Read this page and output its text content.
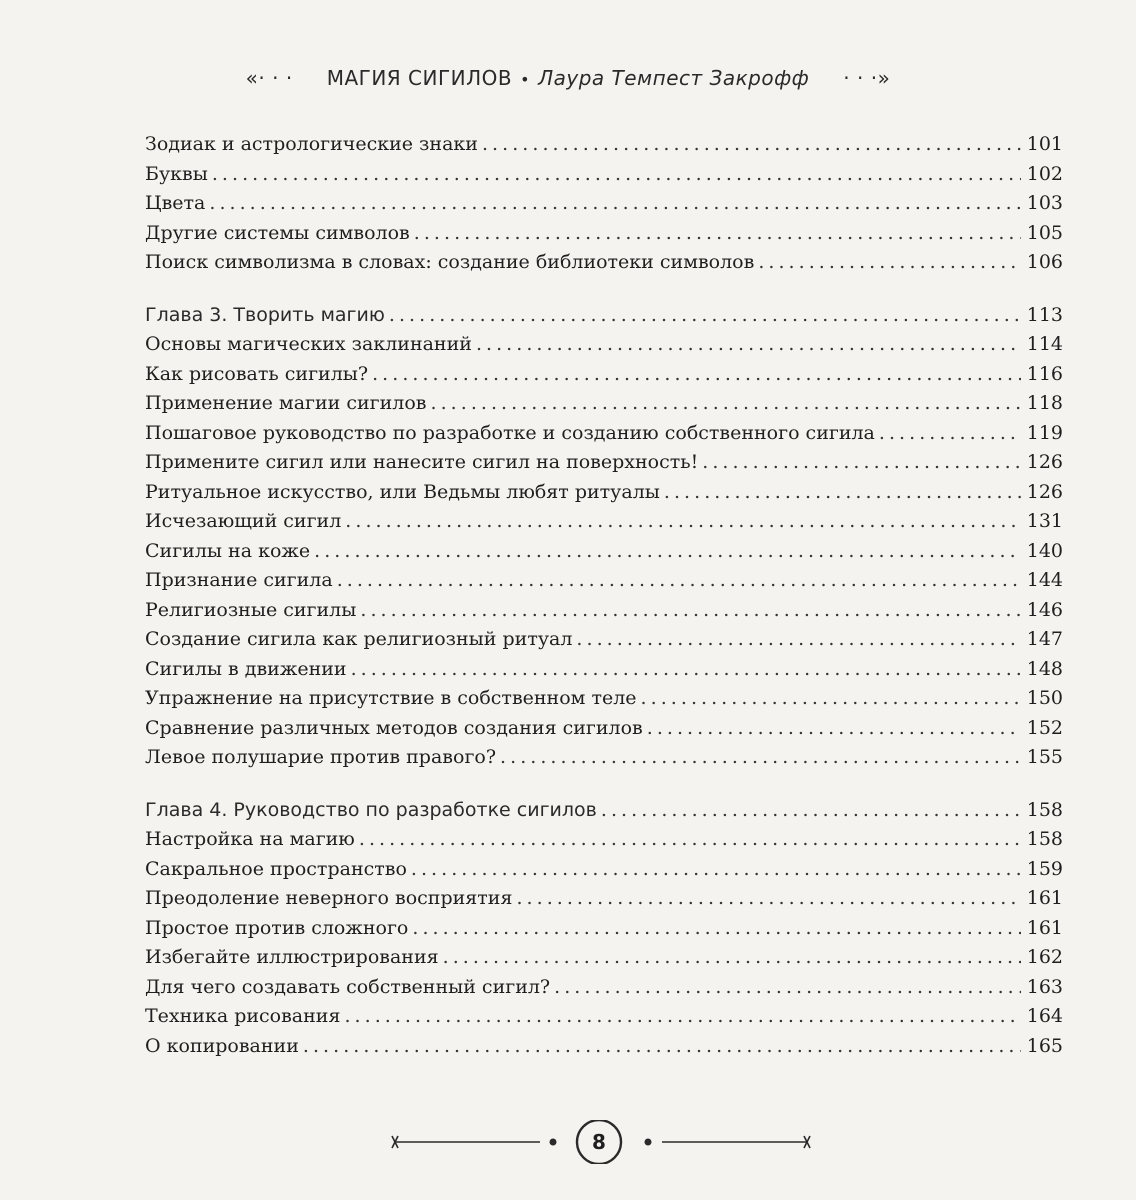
«· · · МАГИЯ СИГИЛОВ • Лаура Темпест Закрофф · · ·»
Зодиак и астрологические знаки . . .	101
Буквы . . .	102
Цвета . . .	103
Другие системы символов . . .	105
Поиск символизма в словах: создание библиотеки символов . . .	106
Глава 3. Творить магию . . .	113
Основы магических заклинаний . . .	114
Как рисовать сигилы? . . .	116
Применение магии сигилов . . .	118
Пошаговое руководство по разработке и созданию собственного сигила . . .	119
Примените сигил или нанесите сигил на поверхность! . . .	126
Ритуальное искусство, или Ведьмы любят ритуалы . . .	126
Исчезающий сигил . . .	131
Сигилы на коже . . .	140
Признание сигила . . .	144
Религиозные сигилы . . .	146
Создание сигила как религиозный ритуал . . .	147
Сигилы в движении . . .	148
Упражнение на присутствие в собственном теле . . .	150
Сравнение различных методов создания сигилов . . .	152
Левое полушарие против правого? . . .	155
Глава 4. Руководство по разработке сигилов . . .	158
Настройка на магию . . .	158
Сакральное пространство . . .	159
Преодоление неверного восприятия . . .	161
Простое против сложного . . .	161
Избегайте иллюстрирования . . .	162
Для чего создавать собственный сигил? . . .	163
Техника рисования . . .	164
О копировании . . .	165
8
